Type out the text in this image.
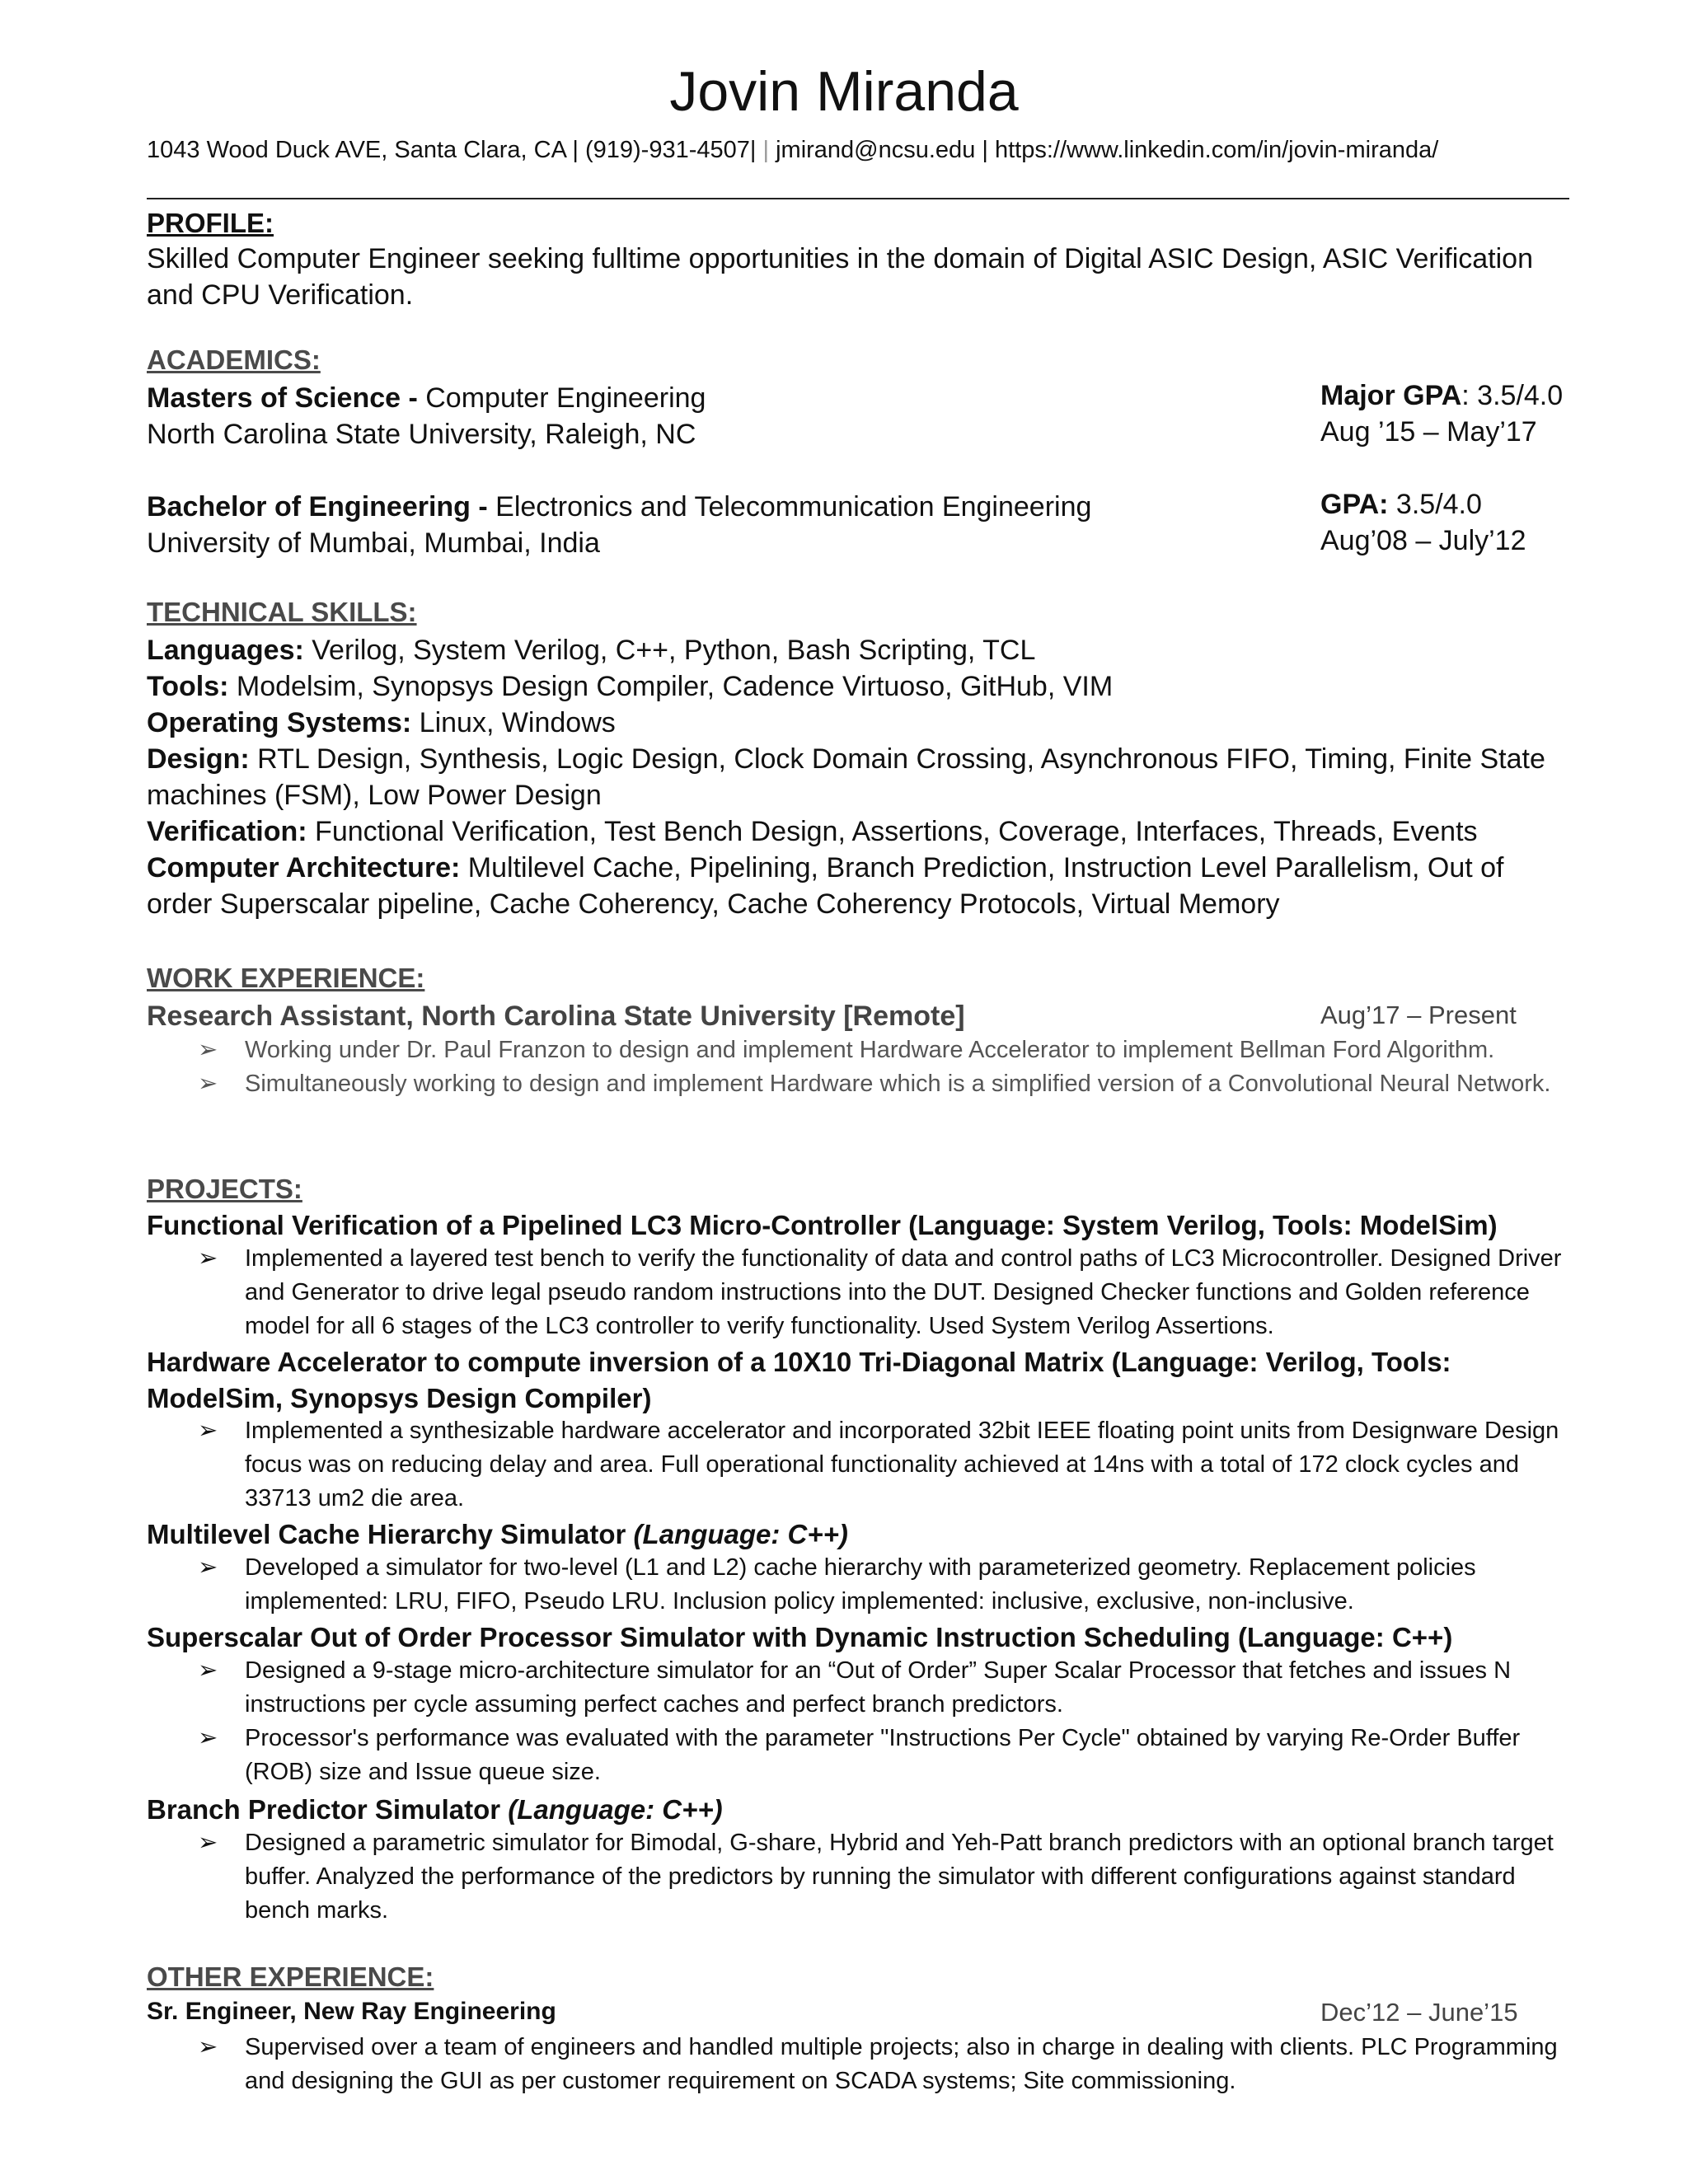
Jovin Miranda
1043 Wood Duck AVE, Santa Clara, CA | (919)-931-4507| | jmirand@ncsu.edu | https://www.linkedin.com/in/jovin-miranda/
PROFILE:
Skilled Computer Engineer seeking fulltime opportunities in the domain of Digital ASIC Design, ASIC Verification and CPU Verification.
ACADEMICS:
Masters of Science - Computer Engineering	Major GPA: 3.5/4.0
North Carolina State University, Raleigh, NC	Aug ’15 – May’17
Bachelor of Engineering - Electronics and Telecommunication Engineering	GPA: 3.5/4.0
University of Mumbai, Mumbai, India	Aug’08 – July’12
TECHNICAL SKILLS:
Languages: Verilog, System Verilog, C++, Python, Bash Scripting, TCL
Tools: Modelsim, Synopsys Design Compiler, Cadence Virtuoso, GitHub, VIM
Operating Systems: Linux, Windows
Design: RTL Design, Synthesis, Logic Design, Clock Domain Crossing, Asynchronous FIFO, Timing, Finite State machines (FSM), Low Power Design
Verification: Functional Verification, Test Bench Design, Assertions, Coverage, Interfaces, Threads, Events
Computer Architecture: Multilevel Cache, Pipelining, Branch Prediction, Instruction Level Parallelism, Out of order Superscalar pipeline, Cache Coherency, Cache Coherency Protocols, Virtual Memory
WORK EXPERIENCE:
Research Assistant, North Carolina State University [Remote]	Aug’17 – Present
➢ Working under Dr. Paul Franzon to design and implement Hardware Accelerator to implement Bellman Ford Algorithm.
➢ Simultaneously working to design and implement Hardware which is a simplified version of a Convolutional Neural Network.
PROJECTS:
Functional Verification of a Pipelined LC3 Micro-Controller (Language: System Verilog, Tools: ModelSim)
➢ Implemented a layered test bench to verify the functionality of data and control paths of LC3 Microcontroller. Designed Driver and Generator to drive legal pseudo random instructions into the DUT. Designed Checker functions and Golden reference model for all 6 stages of the LC3 controller to verify functionality. Used System Verilog Assertions.
Hardware Accelerator to compute inversion of a 10X10 Tri-Diagonal Matrix (Language: Verilog, Tools: ModelSim, Synopsys Design Compiler)
➢ Implemented a synthesizable hardware accelerator and incorporated 32bit IEEE floating point units from Designware Design focus was on reducing delay and area. Full operational functionality achieved at 14ns with a total of 172 clock cycles and 33713 um2 die area.
Multilevel Cache Hierarchy Simulator (Language: C++)
➢ Developed a simulator for two-level (L1 and L2) cache hierarchy with parameterized geometry. Replacement policies implemented: LRU, FIFO, Pseudo LRU. Inclusion policy implemented: inclusive, exclusive, non-inclusive.
Superscalar Out of Order Processor Simulator with Dynamic Instruction Scheduling (Language: C++)
➢ Designed a 9-stage micro-architecture simulator for an “Out of Order” Super Scalar Processor that fetches and issues N instructions per cycle assuming perfect caches and perfect branch predictors.
➢ Processor's performance was evaluated with the parameter "Instructions Per Cycle" obtained by varying Re-Order Buffer (ROB) size and Issue queue size.
Branch Predictor Simulator (Language: C++)
➢ Designed a parametric simulator for Bimodal, G-share, Hybrid and Yeh-Patt branch predictors with an optional branch target buffer. Analyzed the performance of the predictors by running the simulator with different configurations against standard bench marks.
OTHER EXPERIENCE:
Sr. Engineer, New Ray Engineering	Dec’12 – June’15
➢ Supervised over a team of engineers and handled multiple projects; also in charge in dealing with clients. PLC Programming and designing the GUI as per customer requirement on SCADA systems; Site commissioning.
